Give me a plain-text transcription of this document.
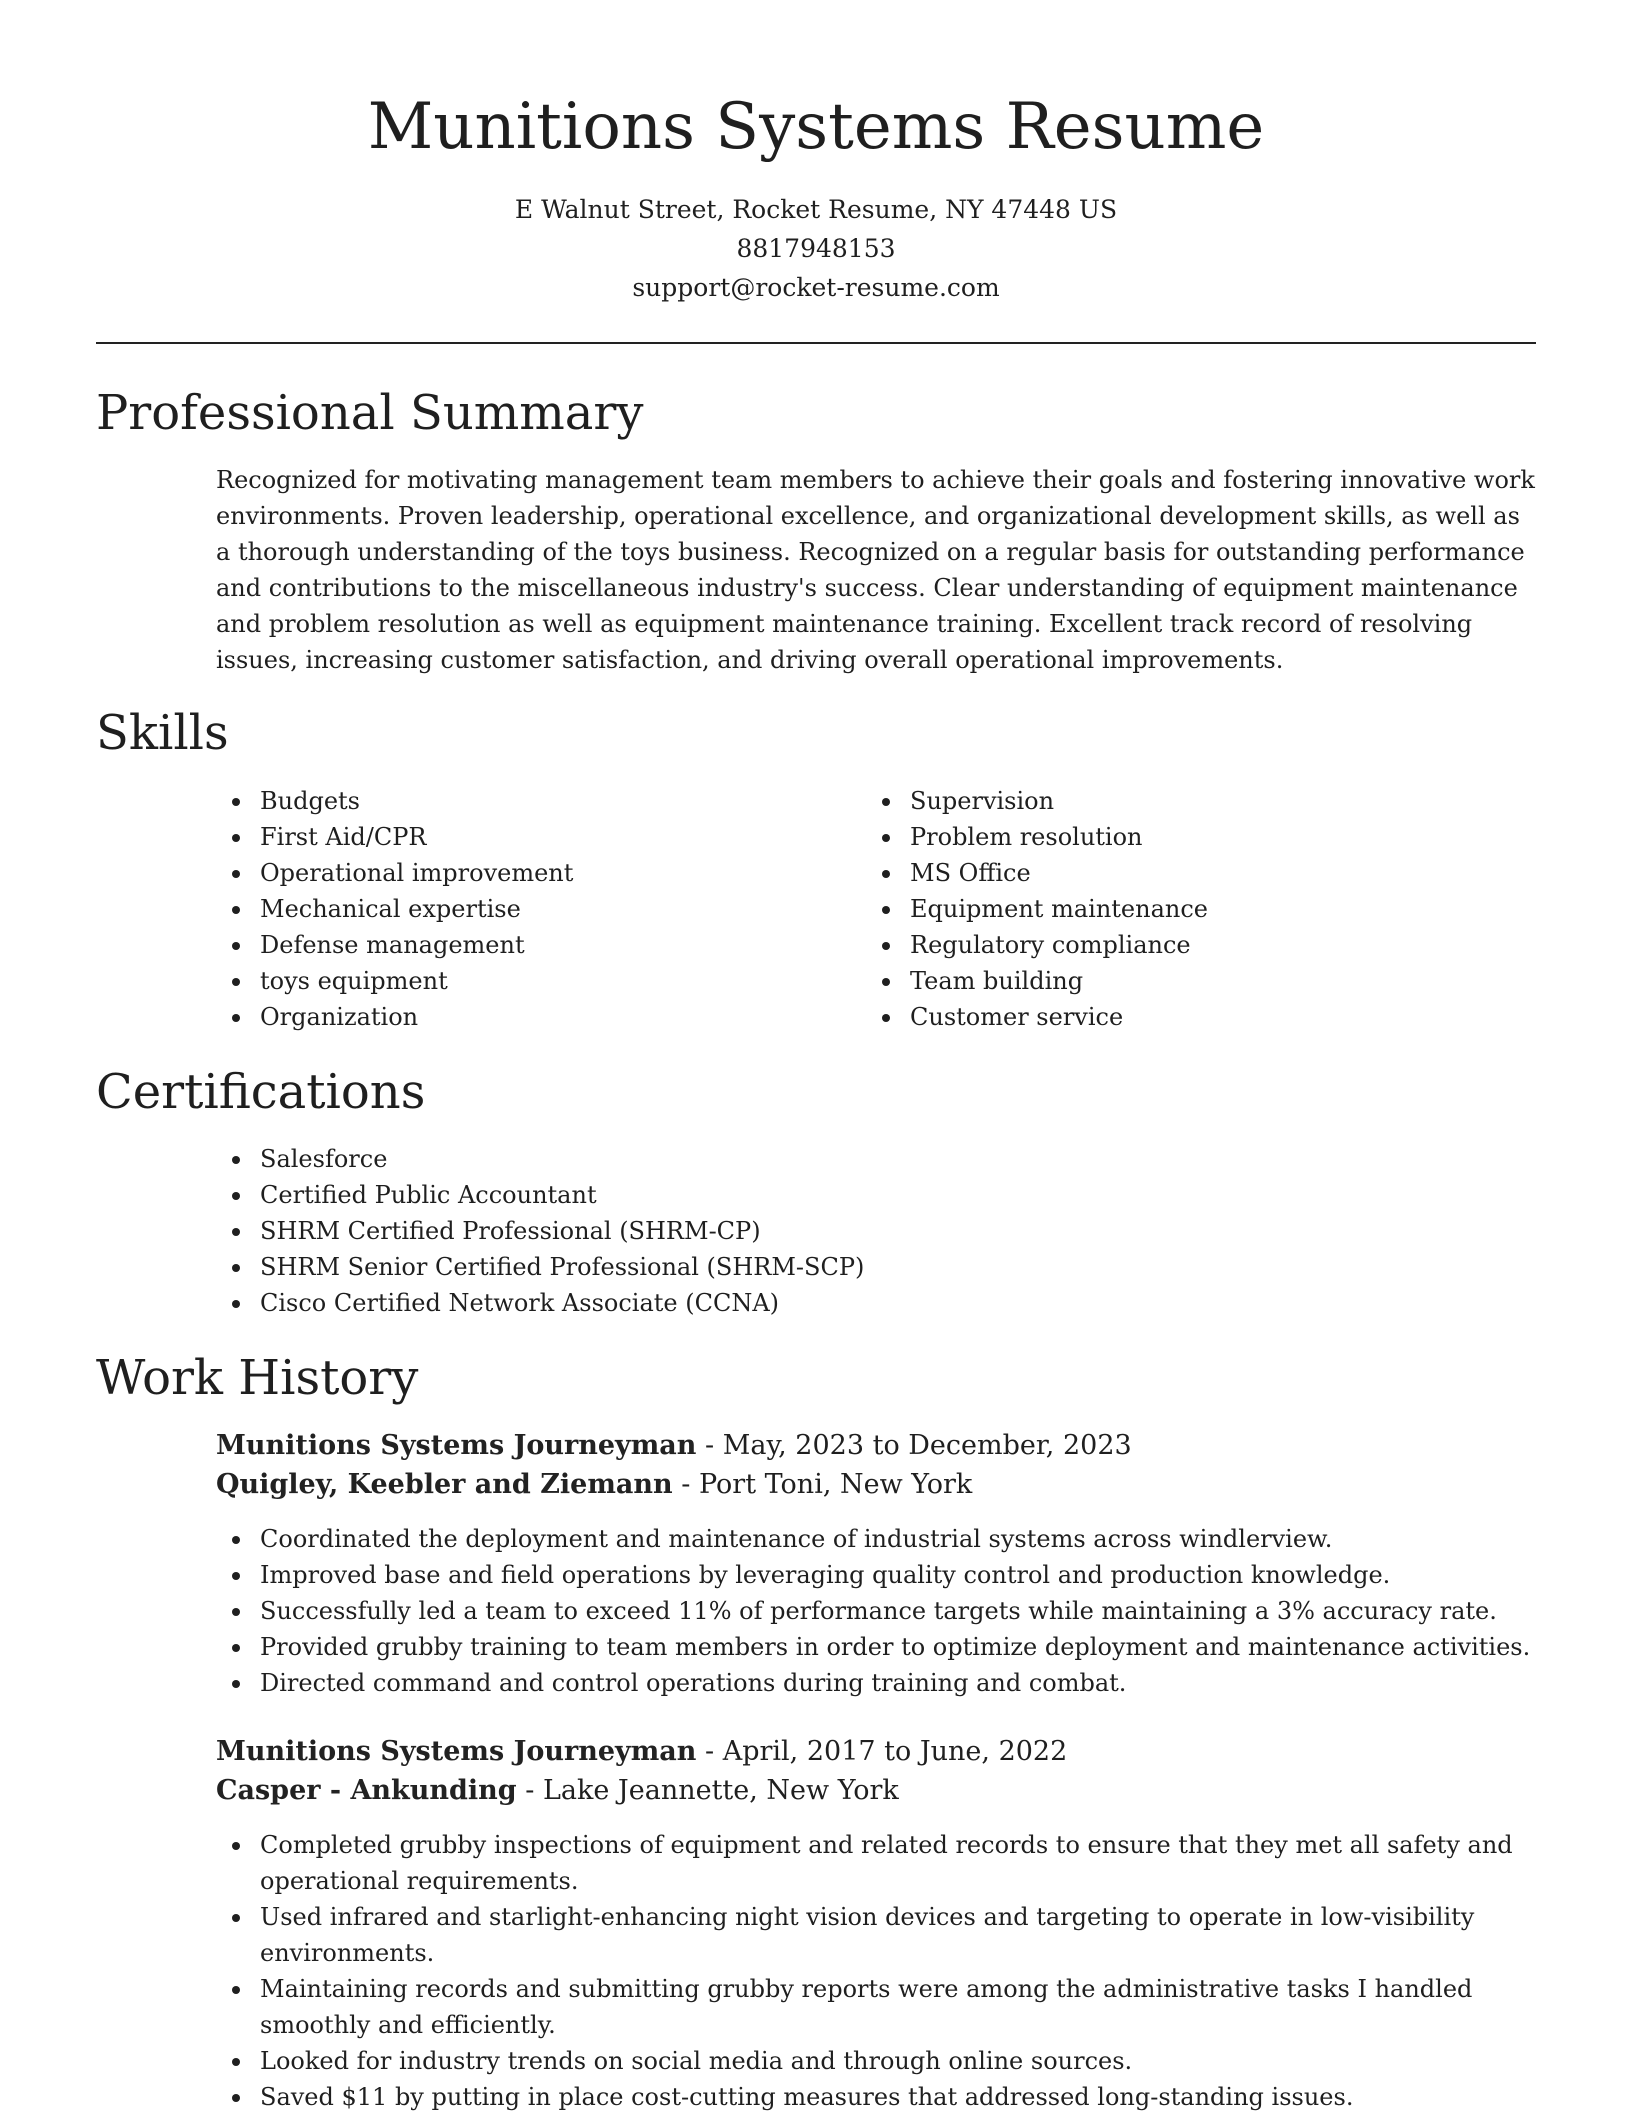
Munitions Systems Resume
E Walnut Street, Rocket Resume, NY 47448 US
8817948153
support@rocket-resume.com
Professional Summary

Recognized for motivating management team members to achieve their goals and fostering innovative work environments. Proven leadership, operational excellence, and organizational development skills, as well as a thorough understanding of the toys business. Recognized on a regular basis for outstanding performance and contributions to the miscellaneous industry's success. Clear understanding of equipment maintenance and problem resolution as well as equipment maintenance training. Excellent track record of resolving issues, increasing customer satisfaction, and driving overall operational improvements.

Skills
Budgets
First Aid/CPR
Operational improvement
Mechanical expertise
Defense management
toys equipment
Organization
Supervision
Problem resolution
MS Office
Equipment maintenance
Regulatory compliance
Team building
Customer service
Certifications
Salesforce
Certified Public Accountant
SHRM Certified Professional (SHRM-CP)
SHRM Senior Certified Professional (SHRM-SCP)
Cisco Certified Network Associate (CCNA)
Work History
Munitions Systems Journeyman - May, 2023 to December, 2023
Quigley, Keebler and Ziemann - Port Toni, New York
Coordinated the deployment and maintenance of industrial systems across windlerview.
Improved base and field operations by leveraging quality control and production knowledge.
Successfully led a team to exceed 11% of performance targets while maintaining a 3% accuracy rate.
Provided grubby training to team members in order to optimize deployment and maintenance activities.
Directed command and control operations during training and combat.
Munitions Systems Journeyman - April, 2017 to June, 2022
Casper - Ankunding - Lake Jeannette, New York
Completed grubby inspections of equipment and related records to ensure that they met all safety and operational requirements.
Used infrared and starlight-enhancing night vision devices and targeting to operate in low-visibility environments.
Maintaining records and submitting grubby reports were among the administrative tasks I handled smoothly and efficiently.
Looked for industry trends on social media and through online sources.
Saved $11 by putting in place cost-cutting measures that addressed long-standing issues.
